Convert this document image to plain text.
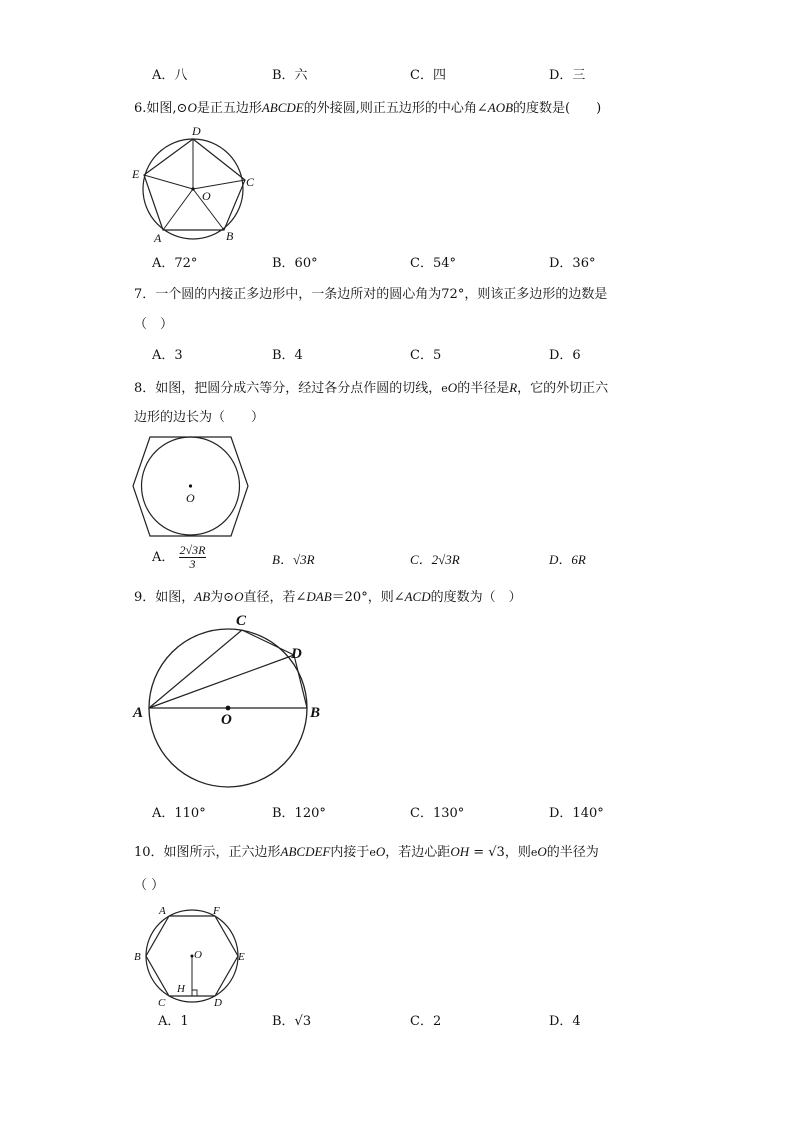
A．八	B．六	C．四	D．三
6.如图,⊙O是正五边形ABCDE的外接圆,则正五边形的中心角∠AOB的度数是(　　)
D
E
C
O
A	B
A．72°	B．60°	C．54°	D．36°
7．一个圆的内接正多边形中，一条边所对的圆心角为72°，则该正多边形的边数是
（　）
A．3	B．4	C．5	D．6
8．如图，把圆分成六等分，经过各分点作圆的切线，eO的半径是R，它的外切正六
边形的边长为（　　）
O
A． $\frac{2√3R}{3}$	B．√3R	C．2√3R	D．6R
9．如图，AB为⊙O直径，若∠DAB＝20°，则∠ACD的度数为（　）
A	B
C
D
O
A．110°	B．120°	C．130°	D．140°
10．如图所示，正六边形ABCDEF内接于eO，若边心距OH = √3，则eO的半径为
（ ）
A	F
B	E
C	D
O
H
A．1	B．√3	C．2	D．4
